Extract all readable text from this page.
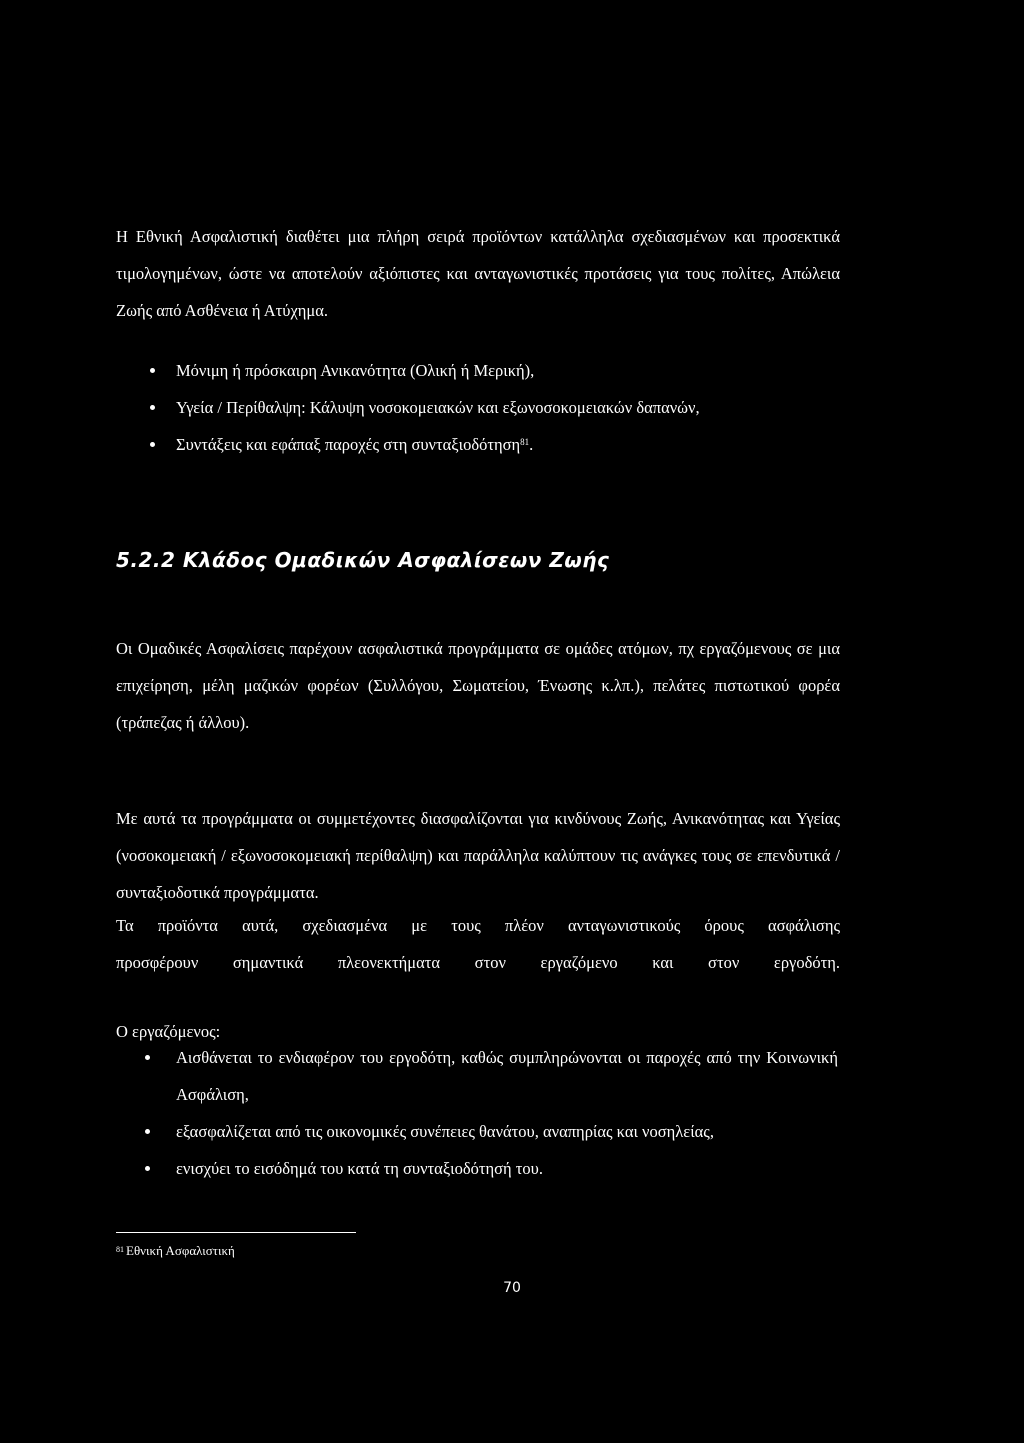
Η Εθνική Ασφαλιστική διαθέτει μια πλήρη σειρά προϊόντων κατάλληλα σχεδιασμένων και προσεκτικά τιμολογημένων, ώστε να αποτελούν αξιόπιστες και ανταγωνιστικές προτάσεις για τους πολίτες, Απώλεια Ζωής από Ασθένεια ή Ατύχημα.
Μόνιμη ή πρόσκαιρη Ανικανότητα (Ολική ή Μερική),
Υγεία / Περίθαλψη: Κάλυψη νοσοκομειακών και εξωνοσοκομειακών δαπανών,
Συντάξεις και εφάπαξ παροχές στη συνταξιοδότηση$^{81}$.
5.2.2 Κλάδος Ομαδικών Ασφαλίσεων Ζωής
Οι Ομαδικές Ασφαλίσεις παρέχουν ασφαλιστικά προγράμματα σε ομάδες ατόμων, πχ εργαζόμενους σε μια επιχείρηση, μέλη μαζικών φορέων (Συλλόγου, Σωματείου, Ένωσης κ.λπ.), πελάτες πιστωτικού φορέα (τράπεζας ή άλλου).
Με αυτά τα προγράμματα οι συμμετέχοντες διασφαλίζονται για κινδύνους Ζωής, Ανικανότητας και Υγείας (νοσοκομειακή / εξωνοσοκομειακή περίθαλψη) και παράλληλα καλύπτουν τις ανάγκες τους σε επενδυτικά /συνταξιοδοτικά προγράμματα.
Τα προϊόντα αυτά, σχεδιασμένα με τους πλέον ανταγωνιστικούς όρους ασφάλισης
προσφέρουν σημαντικά πλεονεκτήματα στον εργαζόμενο και στον εργοδότη.
Ο εργαζόμενος:
Αισθάνεται το ενδιαφέρον του εργοδότη, καθώς συμπληρώνονται οι παροχές από την Κοινωνική Ασφάλιση,
εξασφαλίζεται από τις οικονομικές συνέπειες θανάτου, αναπηρίας και νοσηλείας,
ενισχύει το εισόδημά του κατά τη συνταξιοδότησή του.
$^{81}$ Εθνική Ασφαλιστική
70
